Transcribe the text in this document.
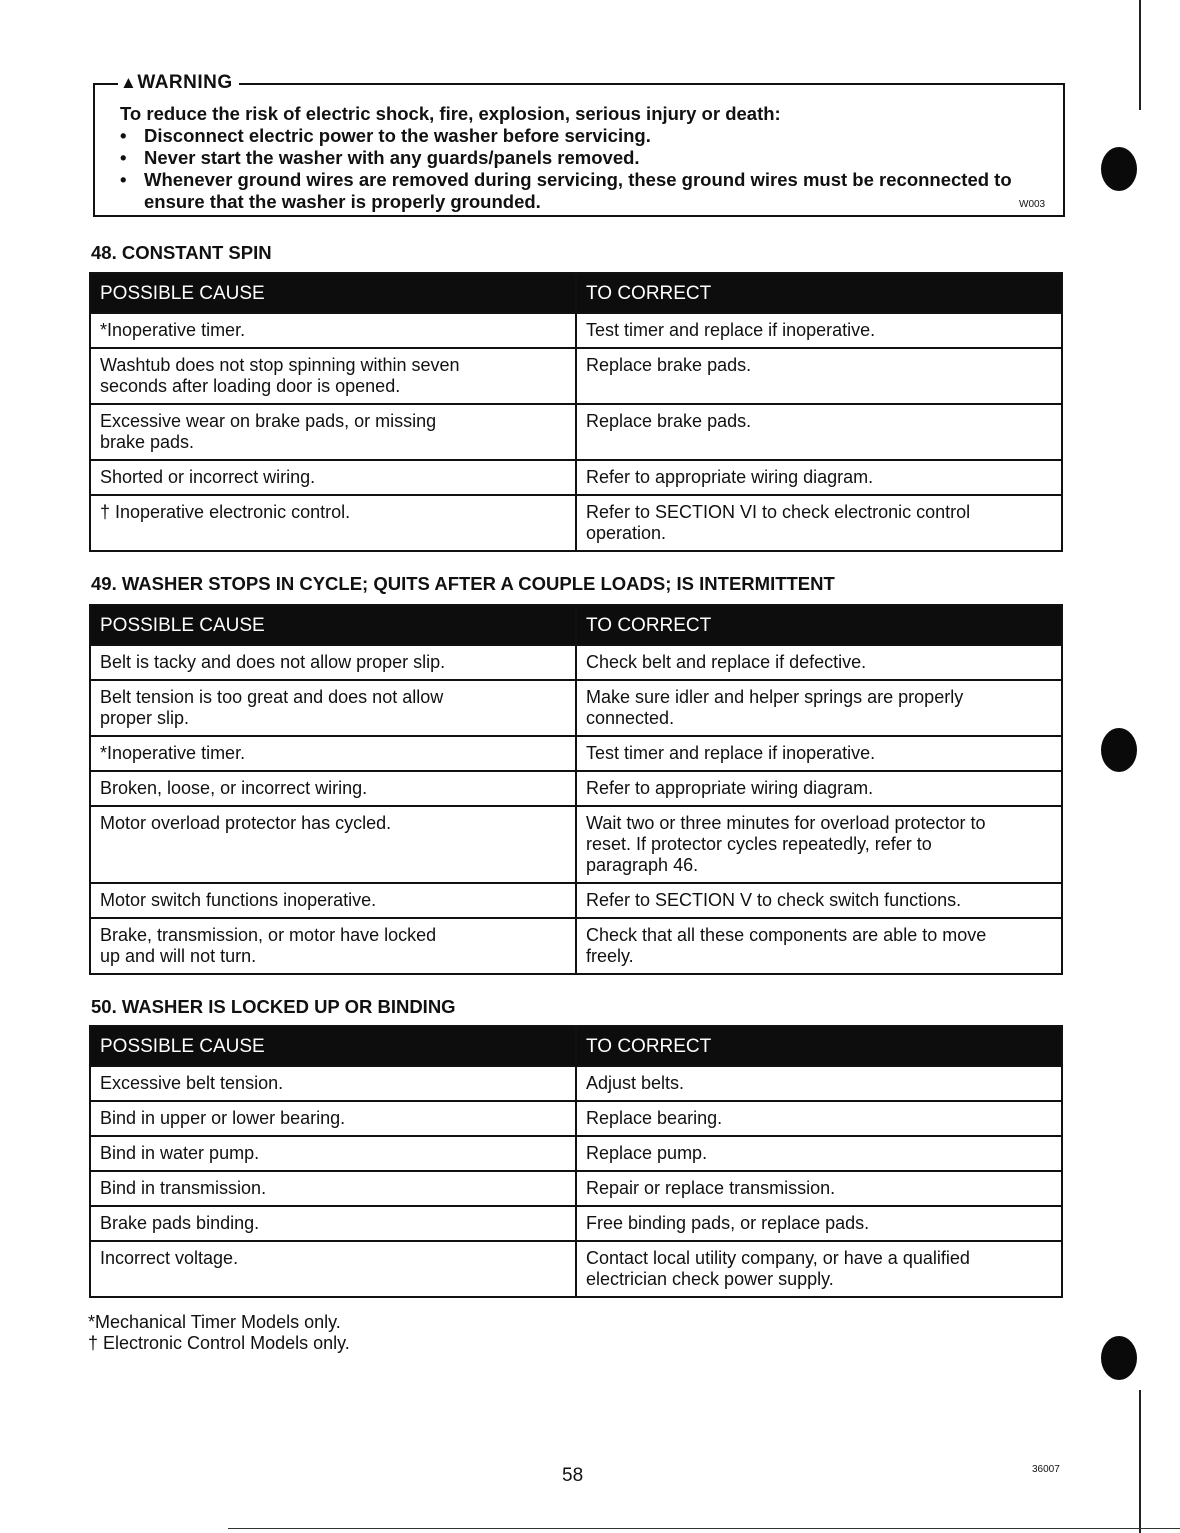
▲WARNING
To reduce the risk of electric shock, fire, explosion, serious injury or death:
• Disconnect electric power to the washer before servicing.
• Never start the washer with any guards/panels removed.
• Whenever ground wires are removed during servicing, these ground wires must be reconnected to ensure that the washer is properly grounded.	W003
48. CONSTANT SPIN
POSSIBLE CAUSE	TO CORRECT
*Inoperative timer.	Test timer and replace if inoperative.
Washtub does not stop spinning within seven
seconds after loading door is opened.	Replace brake pads.
Excessive wear on brake pads, or missing
brake pads.	Replace brake pads.
Shorted or incorrect wiring.	Refer to appropriate wiring diagram.
† Inoperative electronic control.	Refer to SECTION VI to check electronic control
operation.
49. WASHER STOPS IN CYCLE; QUITS AFTER A COUPLE LOADS; IS INTERMITTENT
POSSIBLE CAUSE	TO CORRECT
Belt is tacky and does not allow proper slip.	Check belt and replace if defective.
Belt tension is too great and does not allow
proper slip.	Make sure idler and helper springs are properly
connected.
*Inoperative timer.	Test timer and replace if inoperative.
Broken, loose, or incorrect wiring.	Refer to appropriate wiring diagram.
Motor overload protector has cycled.	Wait two or three minutes for overload protector to
reset. If protector cycles repeatedly, refer to
paragraph 46.
Motor switch functions inoperative.	Refer to SECTION V to check switch functions.
Brake, transmission, or motor have locked
up and will not turn.	Check that all these components are able to move
freely.
50. WASHER IS LOCKED UP OR BINDING
POSSIBLE CAUSE	TO CORRECT
Excessive belt tension.	Adjust belts.
Bind in upper or lower bearing.	Replace bearing.
Bind in water pump.	Replace pump.
Bind in transmission.	Repair or replace transmission.
Brake pads binding.	Free binding pads, or replace pads.
Incorrect voltage.	Contact local utility company, or have a qualified
electrician check power supply.
*Mechanical Timer Models only.
† Electronic Control Models only.
58	36007
